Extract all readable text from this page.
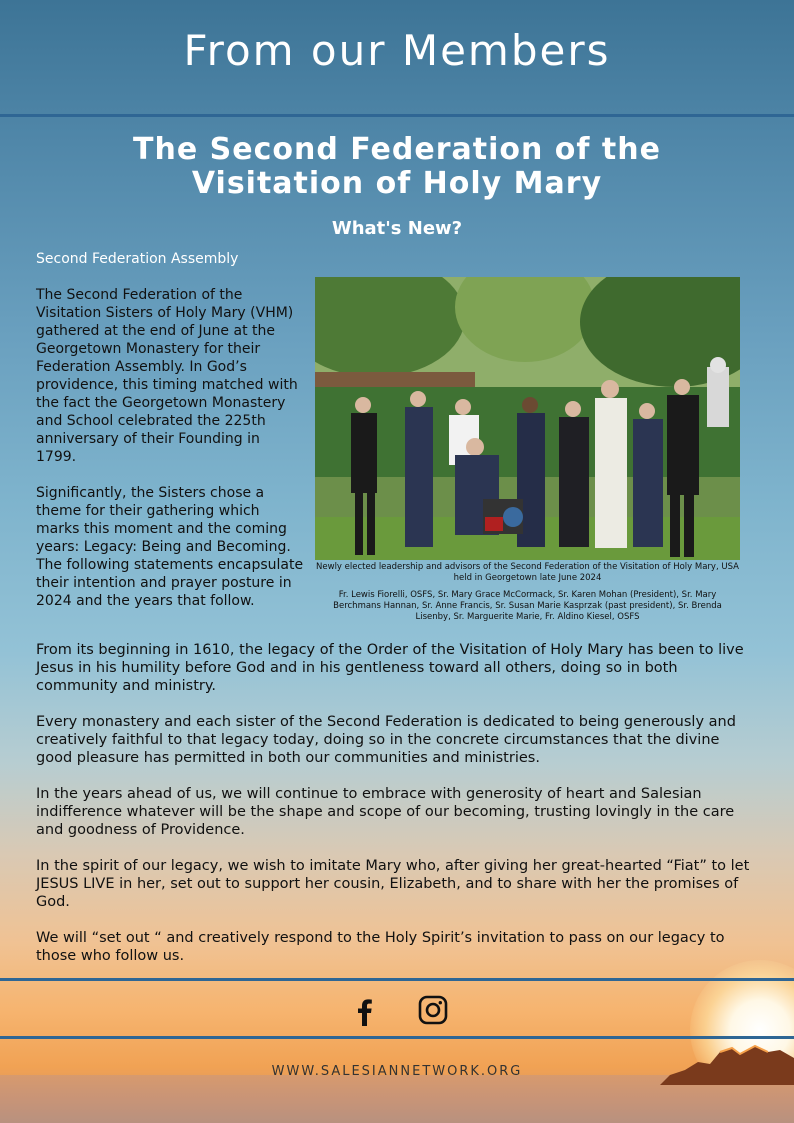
From our Members
The Second Federation of the
Visitation of Holy Mary
What's New?
Second Federation Assembly

The Second Federation of the Visitation Sisters of Holy Mary (VHM) gathered at the end of June at the Georgetown Monastery for their Federation Assembly. In God’s providence, this timing matched with the fact the Georgetown Monastery and School celebrated the 225th anniversary of their Founding in 1799.

Significantly, the Sisters chose a theme for their gathering which marks this moment and the coming years: Legacy: Being and Becoming. The following statements encapsulate their intention and prayer posture in 2024 and the years that follow.

Newly elected leadership and advisors of the Second Federation of the Visitation of Holy Mary, USA held in Georgetown late June 2024

Fr. Lewis Fiorelli, OSFS, Sr. Mary Grace McCormack, Sr. Karen Mohan (President), Sr. Mary Berchmans Hannan, Sr. Anne Francis, Sr. Susan Marie Kasprzak (past president), Sr. Brenda Lisenby, Sr. Marguerite Marie, Fr. Aldino Kiesel, OSFS

From its beginning in 1610, the legacy of the Order of the Visitation of Holy Mary has been to live Jesus in his humility before God and in his gentleness toward all others, doing so in both community and ministry.

Every monastery and each sister of the Second Federation is dedicated to being generously and creatively faithful to that legacy today, doing so in the concrete circumstances that the divine good pleasure has permitted in both our communities and ministries.

In the years ahead of us, we will continue to embrace with generosity of heart and Salesian indifference whatever will be the shape and scope of our becoming, trusting lovingly in the care and goodness of Providence.

In the spirit of our legacy, we wish to imitate Mary who, after giving her great-hearted “Fiat” to let JESUS LIVE in her, set out to support her cousin, Elizabeth, and to share with her the promises of God.

We will “set out “ and creatively respond to the Holy Spirit’s invitation to pass on our legacy to those who follow us.

WWW.SALESIANNETWORK.ORG
